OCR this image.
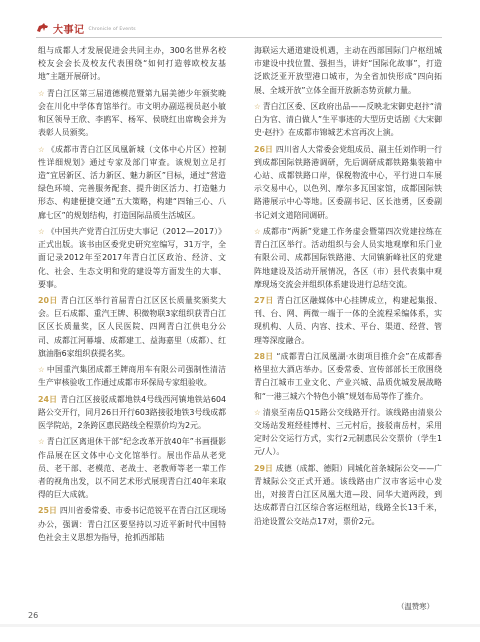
大事记 Chronicle of Events

组与成都人才发展促进会共同主办，300名世界名校校友会会长及校友代表围绕“如何打造蓉欧校友基地”主题开展研讨。

☆ 青白江区第三届道德模范暨第九届美德少年颁奖晚会在川化中学体育馆举行。市文明办副巡视员赵小敏和区领导王欣、李鸥军、杨军、侯晓红出席晚会并为表彰人员颁奖。

☆ 《成都市青白江区凤凰新城（文体中心片区）控制性详细规划》通过专家及部门审查。该规划立足打造“宜居新区、活力新区、魅力新区”目标，通过“营造绿色环境、完善服务配套、提升街区活力、打造魅力形态、构建便捷交通”五大策略，构建“四轴三心、八廊七区”的规划结构，打造国际品质生活城区。

☆ 《中国共产党青白江历史大事记（2012—2017）》正式出版。该书由区委党史研究室编写，31万字，全面记录2012年至2017年青白江区政治、经济、文化、社会、生态文明和党的建设等方面发生的大事、要事。

20日 青白江区举行首届青白江区区长质量奖颁奖大会。巨石成都、重汽王牌、积微物联3家组织获青白江区区长质量奖，区人民医院、四网青白江供电分公司、成都江河幕墙、成都建工、益海嘉里（成都）、红旗油脂6家组织获提名奖。

☆ 中国重汽集团成都王牌商用车有限公司强制性清洁生产审核验收工作通过成都市环保局专家组验收。

24日 青白江区接驳成都地铁4号线西河镇地铁站604路公交开行，同月26日开行603路接驳地铁3号线成都医学院站，2条跨区惠民路线全程票价均为2元。

☆ 青白江区离退休干部“纪念改革开放40年”书画摄影作品展在区文体中心文化馆举行。展出作品从老党员、老干部、老模范、老战士、老教师等老一辈工作者的视角出发，以不同艺术形式展现青白江40年来取得的巨大成就。

25日 四川省委常委、市委书记范锐平在青白江区现场办公，强调：青白江区要坚持以习近平新时代中国特色社会主义思想为指导，抢抓西部陆

海联运大通道建设机遇，主动在西部国际门户枢纽城市建设中找位置、强担当，讲好“国际化故事”，打造泛欧泛亚开放型港口城市，为全省加快形成“四向拓展、全域开放”立体全面开放新态势贡献力量。

☆ 青白江区委、区政府出品——反映北宋御史赵抃“清白为官、清白做人”生平事迹的大型历史话剧《大宋御史·赵抃》在成都市锦城艺术宫再次上演。

26日 四川省人大常委会党组成员、副主任刘作明一行到成都国际铁路港调研，先后调研成都铁路集装箱中心站、成都铁路口岸，保税物流中心，平行进口车展示交易中心，以色列、摩尔多瓦国家馆，成都国际铁路港展示中心等地。区委副书记、区长池勇，区委副书记刘文道陪同调研。

☆ 成都市“两新”党建工作务虚会暨第四次党建拉练在青白江区举行。活动组织与会人员实地观摩和乐门业有限公司、成都国际铁路港、大同镇新峰社区的党建阵地建设及活动开展情况，各区（市）县代表集中观摩现场交流会并组织体系建设进行总结交流。

27日 青白江区融媒体中心挂牌成立，构建起集报、刊、台、网、两微一端于一体的全流程采编体系，实现机构、人员、内容、技术、平台、渠道、经营、管理等深度融合。

28日 “成都青白江凤凰湖·水街项目推介会”在成都香格里拉大酒店举办。区委常委、宣传部部长王欣围绕青白江城市工业文化、产业兴城、品质优城发展战略和“一港三城六个特色小镇”规划布局等作了推介。

☆ 清泉至南岳Q15路公交线路开行。该线路由清泉公交场站发班经桂博村、三元村后，接驳南岳村，采用定时公交运行方式，实行2元制惠民公交票价（学生1元/人）。

29日 成德（成都、德阳）同城化首条城际公交——广青城际公交正式开通。该线路由广汉市客运中心发出，对接青白江区凤凰大道—段、同华大道两段，到达成都青白江区综合客运枢纽站，线路全长13千米，沿途设置公交站点17对，票价2元。

（温赞寒）
26
